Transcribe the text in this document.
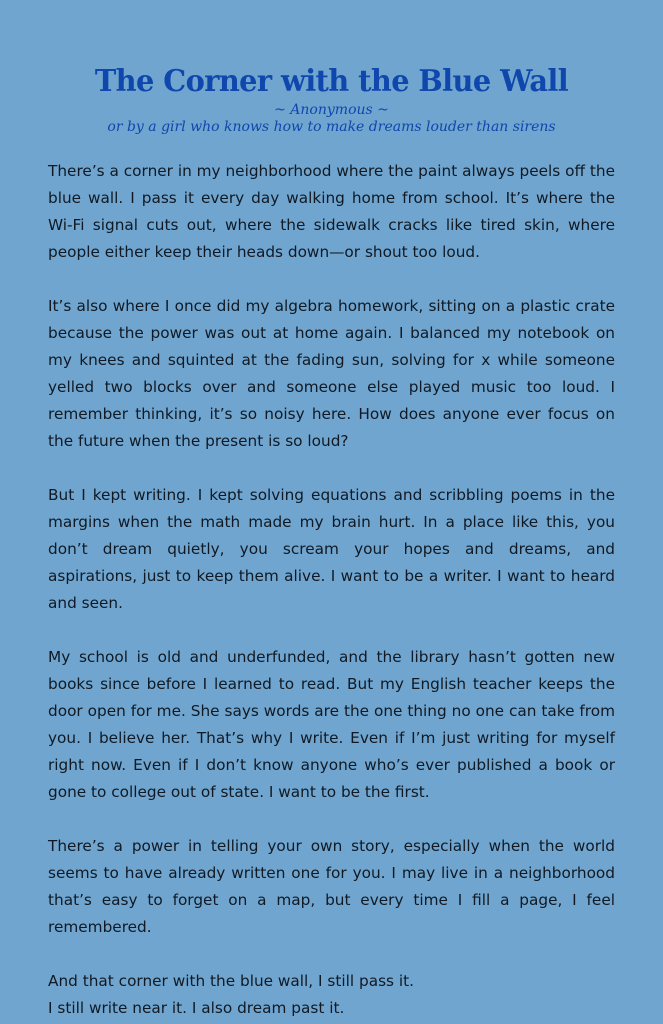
The Corner with the Blue Wall

~ Anonymous ~

or by a girl who knows how to make dreams louder than sirens

There’s a corner in my neighborhood where the paint always peels off the blue wall. I pass it every day walking home from school. It’s where the Wi-Fi signal cuts out, where the sidewalk cracks like tired skin, where people either keep their heads down—or shout too loud.

It’s also where I once did my algebra homework, sitting on a plastic crate because the power was out at home again. I balanced my notebook on my knees and squinted at the fading sun, solving for x while someone yelled two blocks over and someone else played music too loud. I remember thinking, it’s so noisy here. How does anyone ever focus on the future when the present is so loud?

But I kept writing. I kept solving equations and scribbling poems in the margins when the math made my brain hurt. In a place like this, you don’t dream quietly, you scream your hopes and dreams, and aspirations, just to keep them alive. I want to be a writer. I want to heard and seen.

My school is old and underfunded, and the library hasn’t gotten new books since before I learned to read. But my English teacher keeps the door open for me. She says words are the one thing no one can take from you. I believe her. That’s why I write. Even if I’m just writing for myself right now. Even if I don’t know anyone who’s ever published a book or gone to college out of state. I want to be the first.

There’s a power in telling your own story, especially when the world seems to have already written one for you. I may live in a neighborhood that’s easy to forget on a map, but every time I fill a page, I feel remembered.

And that corner with the blue wall, I still pass it.
I still write near it. I also dream past it.
